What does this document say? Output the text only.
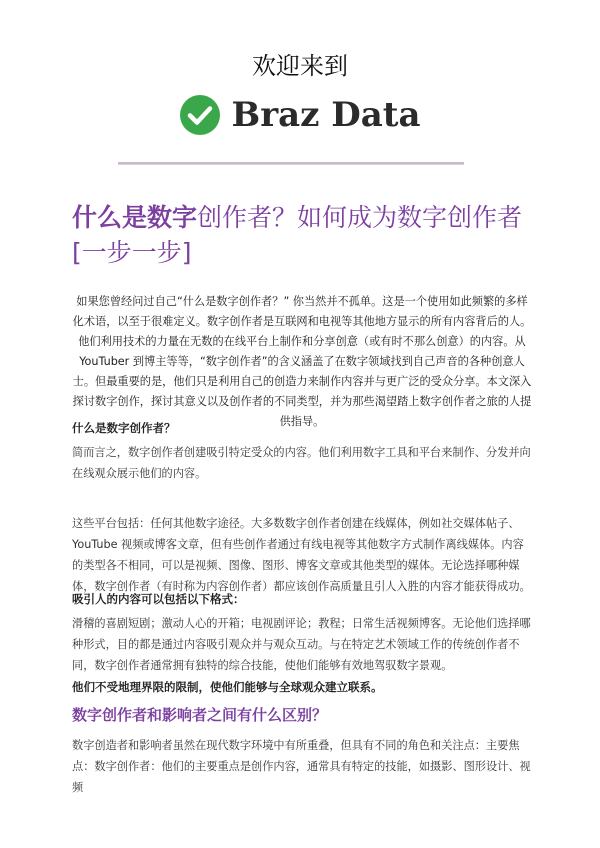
欢迎来到
Braz Data
什么是数字创作者？如何成为数字创作者 [一步一步]

如果您曾经问过自己“什么是数字创作者？” 你当然并不孤单。这是一个使用如此频繁的多样化术语，以至于很难定义。数字创作者是互联网和电视等其他地方显示的所有内容背后的人。他们利用技术的力量在无数的在线平台上制作和分享创意（或有时不那么创意）的内容。从 YouTuber 到博主等等，“数字创作者”的含义涵盖了在数字领域找到自己声音的各种创意人士。但最重要的是，他们只是利用自己的创造力来制作内容并与更广泛的受众分享。本文深入探讨数字创作，探讨其意义以及创作者的不同类型，并为那些渴望踏上数字创作者之旅的人提供指导。

什么是数字创作者？

简而言之，数字创作者创建吸引特定受众的内容。他们利用数字工具和平台来制作、分发并向在线观众展示他们的内容。

这些平台包括：任何其他数字途径。大多数数字创作者创建在线媒体，例如社交媒体帖子、YouTube 视频或博客文章，但有些创作者通过有线电视等其他数字方式制作离线媒体。内容的类型各不相同，可以是视频、图像、图形、博客文章或其他类型的媒体。无论选择哪种媒体，数字创作者（有时称为内容创作者）都应该创作高质量且引人入胜的内容才能获得成功。

吸引人的内容可以包括以下格式：

滑稽的喜剧短剧；激动人心的开箱；电视剧评论；教程；日常生活视频博客。无论他们选择哪种形式，目的都是通过内容吸引观众并与观众互动。与在特定艺术领域工作的传统创作者不同，数字创作者通常拥有独特的综合技能，使他们能够有效地驾驭数字景观。

他们不受地理界限的限制，使他们能够与全球观众建立联系。

数字创作者和影响者之间有什么区别？

数字创造者和影响者虽然在现代数字环境中有所重叠，但具有不同的角色和关注点：主要焦点：数字创作者：他们的主要重点是创作内容，通常具有特定的技能，如摄影、图形设计、视频
